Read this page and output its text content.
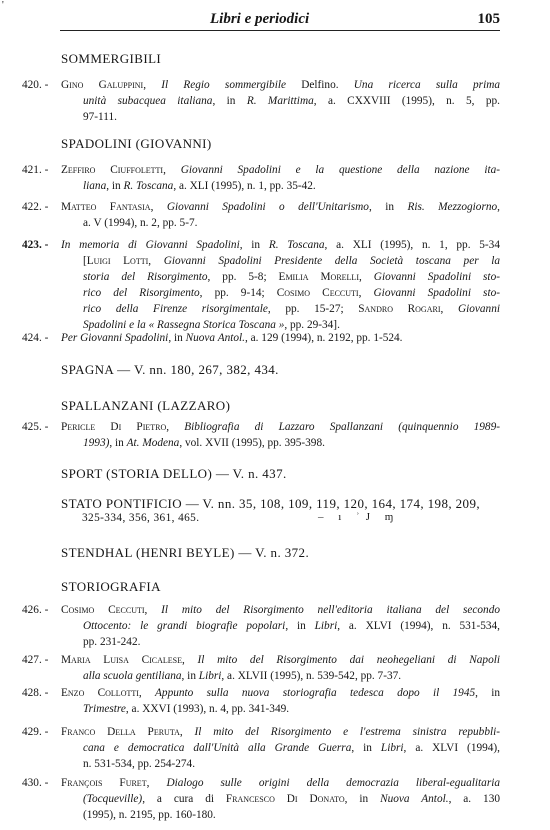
'
Libri e periodici	105
SOMMERGIBILI
420. -	Gino Galuppini, Il Regio sommergibile Delfino. Una ricerca sulla prima
unità subacquea italiana, in R. Marittima, a. CXXVIII (1995), n. 5, pp.
97-111.
SPADOLINI (GIOVANNI)
421. -	Zeffiro Ciuffoletti, Giovanni Spadolini e la questione della nazione ita-
liana, in R. Toscana, a. XLI (1995), n. 1, pp. 35-42.
422. -	Matteo Fantasia, Giovanni Spadolini o dell'Unitarismo, in Ris. Mezzogiorno,
a. V (1994), n. 2, pp. 5-7.
423. -	In memoria di Giovanni Spadolini, in R. Toscana, a. XLI (1995), n. 1, pp. 5-34
[Luigi Lotti, Giovanni Spadolini Presidente della Società toscana per la
storia del Risorgimento, pp. 5-8; Emilia Morelli, Giovanni Spadolini sto-
rico del Risorgimento, pp. 9-14; Cosimo Ceccuti, Giovanni Spadolini sto-
rico della Firenze risorgimentale, pp. 15-27; Sandro Rogari, Giovanni
Spadolini e la « Rassegna Storica Toscana », pp. 29-34].
424. -	Per Giovanni Spadolini, in Nuova Antol., a. 129 (1994), n. 2192, pp. 1-524.
SPAGNA — V. nn. 180, 267, 382, 434.
SPALLANZANI (LAZZARO)
425. -	Pericle Di Pietro, Bibliografia di Lazzaro Spallanzani (quinquennio 1989-
1993), in At. Modena, vol. XVII (1995), pp. 395-398.
SPORT (STORIA DELLO) — V. n. 437.
STATO PONTIFICIO — V. nn. 35, 108, 109, 119, 120, 164, 174, 198, 209,
325-334, 356, 361, 465.	– ı ʾJ ɱ
STENDHAL (HENRI BEYLE) — V. n. 372.
STORIOGRAFIA
426. -	Cosimo Ceccuti, Il mito del Risorgimento nell'editoria italiana del secondo
Ottocento: le grandi biografie popolari, in Libri, a. XLVI (1994), n. 531-534,
pp. 231-242.
427. -	Maria Luisa Cicalese, Il mito del Risorgimento dai neohegeliani di Napoli
alla scuola gentiliana, in Libri, a. XLVII (1995), n. 539-542, pp. 7-37.
428. -	Enzo Collotti, Appunto sulla nuova storiografia tedesca dopo il 1945, in
Trimestre, a. XXVI (1993), n. 4, pp. 341-349.
429. -	Franco Della Peruta, Il mito del Risorgimento e l'estrema sinistra repubbli-
cana e democratica dall'Unità alla Grande Guerra, in Libri, a. XLVI (1994),
n. 531-534, pp. 254-274.
430. -	François Furet, Dialogo sulle origini della democrazia liberal-egualitaria
(Tocqueville), a cura di Francesco Di Donato, in Nuova Antol., a. 130
(1995), n. 2195, pp. 160-180.
